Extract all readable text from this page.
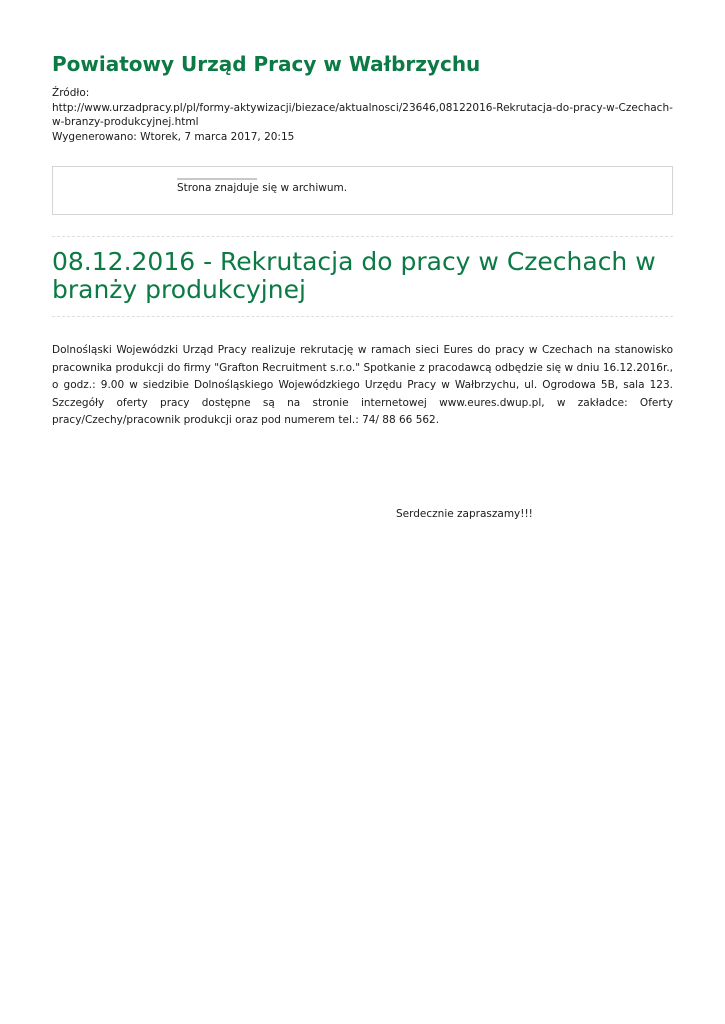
Powiatowy Urząd Pracy w Wałbrzychu
Źródło:
http://www.urzadpracy.pl/pl/formy-aktywizacji/biezace/aktualnosci/23646,08122016-Rekrutacja-do-pracy-w-Czechach-w-branzy-produkcyjnej.html
Wygenerowano: Wtorek, 7 marca 2017, 20:15
Strona znajduje się w archiwum.
08.12.2016 - Rekrutacja do pracy w Czechach w branży produkcyjnej

Dolnośląski Wojewódzki Urząd Pracy realizuje rekrutację w ramach sieci Eures do pracy w Czechach na stanowisko pracownika produkcji do firmy "Grafton Recruitment s.r.o." Spotkanie z pracodawcą odbędzie się w dniu 16.12.2016r., o godz.: 9.00 w siedzibie Dolnośląskiego Wojewódzkiego Urzędu Pracy w Wałbrzychu, ul. Ogrodowa 5B, sala 123. Szczegóły oferty pracy dostępne są na stronie internetowej www.eures.dwup.pl, w zakładce: Oferty pracy/Czechy/pracownik produkcji oraz pod numerem tel.: 74/ 88 66 562.

Serdecznie zapraszamy!!!
